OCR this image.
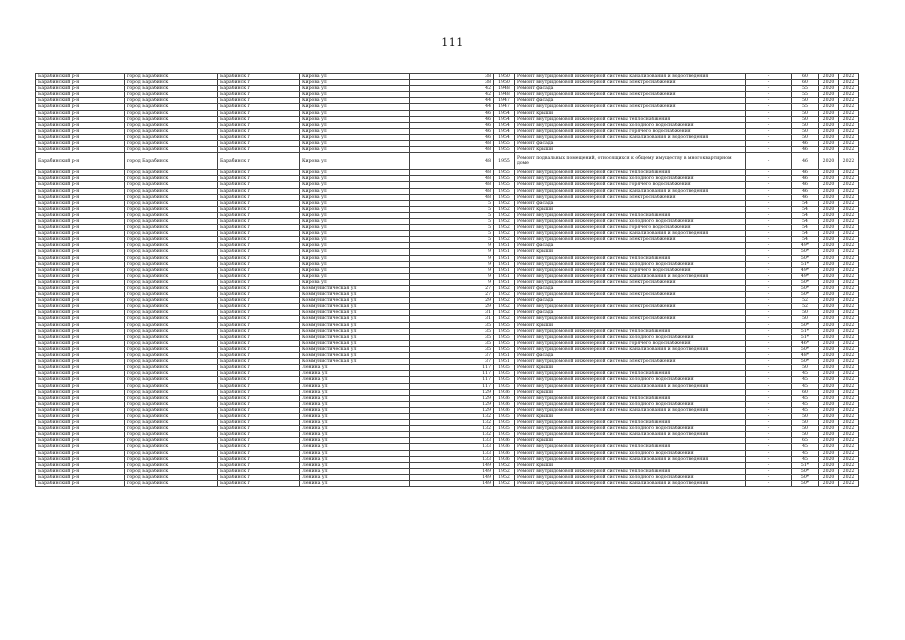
111
Барабинский р-н	город Барабинск	Барабинск г	Кирова ул	38	1950	Ремонт внутридомовой инженерной системы канализования и водоотведения	-	60	2020	2022
Барабинский р-н	город Барабинск	Барабинск г	Кирова ул	38	1950	Ремонт внутридомовой инженерной системы электроснабжения	-	60	2020	2022
Барабинский р-н	город Барабинск	Барабинск г	Кирова ул	42	1948	Ремонт фасада	-	55	2020	2022
Барабинский р-н	город Барабинск	Барабинск г	Кирова ул	42	1948	Ремонт внутридомовой инженерной системы электроснабжения	-	55	2020	2022
Барабинский р-н	город Барабинск	Барабинск г	Кирова ул	44	1947	Ремонт фасада	-	50	2020	2022
Барабинский р-н	город Барабинск	Барабинск г	Кирова ул	44	1947	Ремонт внутридомовой инженерной системы электроснабжения	-	55	2020	2022
Барабинский р-н	город Барабинск	Барабинск г	Кирова ул	46	1954	Ремонт крыши	-	50	2020	2022
Барабинский р-н	город Барабинск	Барабинск г	Кирова ул	46	1954	Ремонт внутридомовой инженерной системы теплоснабжения	-	50	2020	2022
Барабинский р-н	город Барабинск	Барабинск г	Кирова ул	46	1954	Ремонт внутридомовой инженерной системы холодного водоснабжения	-	50	2020	2022
Барабинский р-н	город Барабинск	Барабинск г	Кирова ул	46	1954	Ремонт внутридомовой инженерной системы горячего водоснабжения	-	50	2020	2022
Барабинский р-н	город Барабинск	Барабинск г	Кирова ул	46	1954	Ремонт внутридомовой инженерной системы канализования и водоотведения	-	50	2020	2022
Барабинский р-н	город Барабинск	Барабинск г	Кирова ул	48	1955	Ремонт фасада	-	46	2020	2022
Барабинский р-н	город Барабинск	Барабинск г	Кирова ул	48	1955	Ремонт крыши	-	46	2020	2022
Барабинский р-н	город Барабинск	Барабинск г	Кирова ул	48	1955	Ремонт подвальных помещений, относящихся к общему имуществу в многоквартирном доме	-	46	2020	2022
Барабинский р-н	город Барабинск	Барабинск г	Кирова ул	48	1955	Ремонт внутридомовой инженерной системы теплоснабжения	-	46	2020	2022
Барабинский р-н	город Барабинск	Барабинск г	Кирова ул	48	1955	Ремонт внутридомовой инженерной системы холодного водоснабжения	-	46	2020	2022
Барабинский р-н	город Барабинск	Барабинск г	Кирова ул	48	1955	Ремонт внутридомовой инженерной системы горячего водоснабжения	-	46	2020	2022
Барабинский р-н	город Барабинск	Барабинск г	Кирова ул	48	1955	Ремонт внутридомовой инженерной системы канализования и водоотведения	-	46	2020	2022
Барабинский р-н	город Барабинск	Барабинск г	Кирова ул	48	1955	Ремонт внутридомовой инженерной системы электроснабжения	-	46	2020	2022
Барабинский р-н	город Барабинск	Барабинск г	Кирова ул	5	1952	Ремонт фасада	-	54	2020	2022
Барабинский р-н	город Барабинск	Барабинск г	Кирова ул	5	1952	Ремонт крыши	-	54	2020	2022
Барабинский р-н	город Барабинск	Барабинск г	Кирова ул	5	1952	Ремонт внутридомовой инженерной системы теплоснабжения	-	54	2020	2022
Барабинский р-н	город Барабинск	Барабинск г	Кирова ул	5	1952	Ремонт внутридомовой инженерной системы холодного водоснабжения	-	54	2020	2022
Барабинский р-н	город Барабинск	Барабинск г	Кирова ул	5	1952	Ремонт внутридомовой инженерной системы горячего водоснабжения	-	54	2020	2022
Барабинский р-н	город Барабинск	Барабинск г	Кирова ул	5	1952	Ремонт внутридомовой инженерной системы канализования и водоотведения	-	54	2020	2022
Барабинский р-н	город Барабинск	Барабинск г	Кирова ул	5	1952	Ремонт внутридомовой инженерной системы электроснабжения	-	54	2020	2022
Барабинский р-н	город Барабинск	Барабинск г	Кирова ул	9	1951	Ремонт фасада	-	49*	2020	2022
Барабинский р-н	город Барабинск	Барабинск г	Кирова ул	9	1951	Ремонт крыши	-	50*	2020	2022
Барабинский р-н	город Барабинск	Барабинск г	Кирова ул	9	1951	Ремонт внутридомовой инженерной системы теплоснабжения	-	50*	2020	2022
Барабинский р-н	город Барабинск	Барабинск г	Кирова ул	9	1951	Ремонт внутридомовой инженерной системы холодного водоснабжения	-	51*	2020	2022
Барабинский р-н	город Барабинск	Барабинск г	Кирова ул	9	1951	Ремонт внутридомовой инженерной системы горячего водоснабжения	-	49*	2020	2022
Барабинский р-н	город Барабинск	Барабинск г	Кирова ул	9	1951	Ремонт внутридомовой инженерной системы канализования и водоотведения	-	49*	2020	2022
Барабинский р-н	город Барабинск	Барабинск г	Кирова ул	9	1951	Ремонт внутридомовой инженерной системы электроснабжения	-	50*	2020	2022
Барабинский р-н	город Барабинск	Барабинск г	Коммунистическая ул	27	1952	Ремонт фасада	-	50*	2020	2022
Барабинский р-н	город Барабинск	Барабинск г	Коммунистическая ул	27	1952	Ремонт внутридомовой инженерной системы электроснабжения	-	50*	2020	2022
Барабинский р-н	город Барабинск	Барабинск г	Коммунистическая ул	29	1952	Ремонт фасада	-	52	2020	2022
Барабинский р-н	город Барабинск	Барабинск г	Коммунистическая ул	29	1952	Ремонт внутридомовой инженерной системы электроснабжения	-	52	2020	2022
Барабинский р-н	город Барабинск	Барабинск г	Коммунистическая ул	31	1952	Ремонт фасада	-	50	2020	2022
Барабинский р-н	город Барабинск	Барабинск г	Коммунистическая ул	31	1952	Ремонт внутридомовой инженерной системы электроснабжения	-	50	2020	2022
Барабинский р-н	город Барабинск	Барабинск г	Коммунистическая ул	35	1955	Ремонт крыши	-	50*	2020	2022
Барабинский р-н	город Барабинск	Барабинск г	Коммунистическая ул	35	1955	Ремонт внутридомовой инженерной системы теплоснабжения	-	51*	2020	2022
Барабинский р-н	город Барабинск	Барабинск г	Коммунистическая ул	35	1955	Ремонт внутридомовой инженерной системы холодного водоснабжения	-	51*	2020	2022
Барабинский р-н	город Барабинск	Барабинск г	Коммунистическая ул	35	1955	Ремонт внутридомовой инженерной системы горячего водоснабжения	-	46*	2020	2022
Барабинский р-н	город Барабинск	Барабинск г	Коммунистическая ул	35	1955	Ремонт внутридомовой инженерной системы канализования и водоотведения	-	50*	2020	2022
Барабинский р-н	город Барабинск	Барабинск г	Коммунистическая ул	37	1951	Ремонт фасада	-	48*	2020	2022
Барабинский р-н	город Барабинск	Барабинск г	Коммунистическая ул	37	1951	Ремонт внутридомовой инженерной системы электроснабжения	-	50*	2020	2022
Барабинский р-н	город Барабинск	Барабинск г	Ленина ул	117	1935	Ремонт крыши	-	50	2020	2022
Барабинский р-н	город Барабинск	Барабинск г	Ленина ул	117	1935	Ремонт внутридомовой инженерной системы теплоснабжения	-	45	2020	2022
Барабинский р-н	город Барабинск	Барабинск г	Ленина ул	117	1935	Ремонт внутридомовой инженерной системы холодного водоснабжения	-	45	2020	2022
Барабинский р-н	город Барабинск	Барабинск г	Ленина ул	117	1935	Ремонт внутридомовой инженерной системы канализования и водоотведения	-	45	2020	2022
Барабинский р-н	город Барабинск	Барабинск г	Ленина ул	129	1936	Ремонт крыши	-	60	2020	2022
Барабинский р-н	город Барабинск	Барабинск г	Ленина ул	129	1936	Ремонт внутридомовой инженерной системы теплоснабжения	-	45	2020	2022
Барабинский р-н	город Барабинск	Барабинск г	Ленина ул	129	1936	Ремонт внутридомовой инженерной системы холодного водоснабжения	-	45	2020	2022
Барабинский р-н	город Барабинск	Барабинск г	Ленина ул	129	1936	Ремонт внутридомовой инженерной системы канализования и водоотведения	-	45	2020	2022
Барабинский р-н	город Барабинск	Барабинск г	Ленина ул	132	1935	Ремонт крыши	-	50	2020	2022
Барабинский р-н	город Барабинск	Барабинск г	Ленина ул	132	1935	Ремонт внутридомовой инженерной системы теплоснабжения	-	50	2020	2022
Барабинский р-н	город Барабинск	Барабинск г	Ленина ул	132	1935	Ремонт внутридомовой инженерной системы холодного водоснабжения	-	50	2020	2022
Барабинский р-н	город Барабинск	Барабинск г	Ленина ул	132	1935	Ремонт внутридомовой инженерной системы канализования и водоотведения	-	50	2020	2022
Барабинский р-н	город Барабинск	Барабинск г	Ленина ул	133	1936	Ремонт крыши	-	65	2020	2022
Барабинский р-н	город Барабинск	Барабинск г	Ленина ул	133	1936	Ремонт внутридомовой инженерной системы теплоснабжения	-	45	2020	2022
Барабинский р-н	город Барабинск	Барабинск г	Ленина ул	133	1936	Ремонт внутридомовой инженерной системы холодного водоснабжения	-	45	2020	2022
Барабинский р-н	город Барабинск	Барабинск г	Ленина ул	133	1936	Ремонт внутридомовой инженерной системы канализования и водоотведения	-	45	2020	2022
Барабинский р-н	город Барабинск	Барабинск г	Ленина ул	149	1952	Ремонт крыши	-	51*	2020	2022
Барабинский р-н	город Барабинск	Барабинск г	Ленина ул	149	1952	Ремонт внутридомовой инженерной системы теплоснабжения	-	50*	2020	2022
Барабинский р-н	город Барабинск	Барабинск г	Ленина ул	149	1952	Ремонт внутридомовой инженерной системы холодного водоснабжения	-	50*	2020	2022
Барабинский р-н	город Барабинск	Барабинск г	Ленина ул	149	1952	Ремонт внутридомовой инженерной системы канализования и водоотведения	-	50*	2020	2022
